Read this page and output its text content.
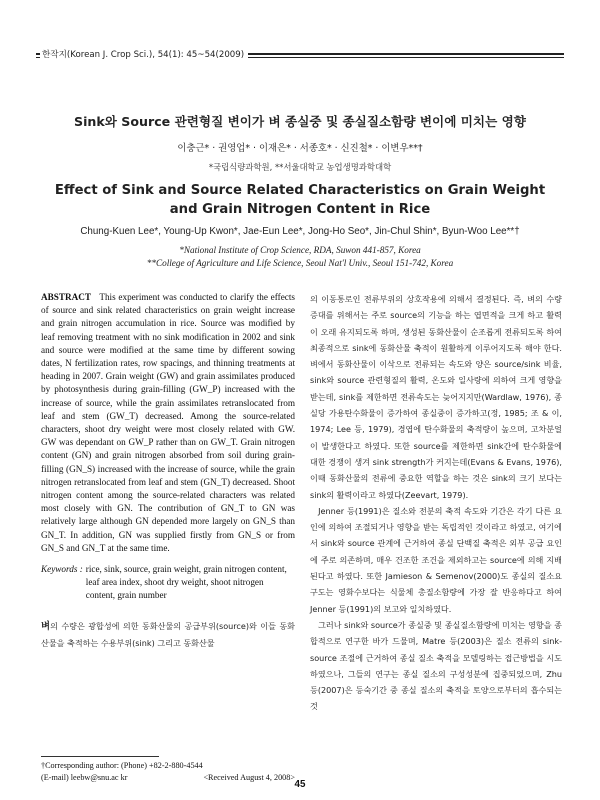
한작지(Korean J. Crop Sci.), 54(1): 45~54(2009)
Sink와 Source 관련형질 변이가 벼 종실중 및 종실질소함량 변이에 미치는 영향
이충근* · 권영업* · 이재은* · 서종호* · 신진철* · 이변우**†
*국립식량과학원, **서울대학교 농업생명과학대학
Effect of Sink and Source Related Characteristics on Grain Weight and Grain Nitrogen Content in Rice
Chung-Kuen Lee*, Young-Up Kwon*, Jae-Eun Lee*, Jong-Ho Seo*, Jin-Chul Shin*, Byun-Woo Lee**†
*National Institute of Crop Science, RDA, Suwon 441-857, Korea
**College of Agriculture and Life Science, Seoul Nat'l Univ., Seoul 151-742, Korea

ABSTRACT This experiment was conducted to clarify the effects of source and sink related characteristics on grain weight increase and grain nitrogen accumulation in rice. Source was modified by leaf removing treatment with no sink modification in 2002 and sink and source were modified at the same time by different sowing dates, N fertilization rates, row spacings, and thinning treatments at heading in 2007. Grain weight (GW) and grain assimilates produced by photosynthesis during grain-filling (GW_P) increased with the increase of source, while the grain assimilates retranslocated from leaf and stem (GW_T) decreased. Among the source-related characters, shoot dry weight were most closely related with GW. GW was dependant on GW_P rather than on GW_T. Grain nitrogen content (GN) and grain nitrogen absorbed from soil during grain-filling (GN_S) increased with the increase of source, while the grain nitrogen retranslocated from leaf and stem (GN_T) decreased. Shoot nitrogen content among the source-related characters was related most closely with GN. The contribution of GN_T to GN was relatively large although GN depended more largely on GN_S than GN_T. In addition, GN was supplied firstly from GN_S or from GN_S and GN_T at the same time.

Keywords : rice, sink, source, grain weight, grain nitrogen content, leaf area index, shoot dry weight, shoot nitrogen content, grain number

벼의 수량은 광합성에 의한 동화산물의 공급부위(source)와 이들 동화산물을 축적하는 수용부위(sink) 그리고 동화산물

의 이동통로인 전류부위의 상호작용에 의해서 결정된다. 즉, 벼의 수량증대를 위해서는 주로 source의 기능을 하는 엽면적을 크게 하고 활력이 오래 유지되도록 하며, 생성된 동화산물이 순조롭게 전류되도록 하여 최종적으로 sink에 동화산물 축적이 원활하게 이루어지도록 해야 한다. 벼에서 동화산물이 이삭으로 전류되는 속도와 양은 source/sink 비율, sink와 source 관련형질의 활력, 온도와 일사량에 의하여 크게 영향을 받는데, sink를 제한하면 전류속도는 늦어지지만(Wardlaw, 1976), 종실당 가용탄수화물이 증가하여 종실중이 증가하고(정, 1985; 조 & 이, 1974; Lee 등, 1979), 경엽에 탄수화물의 축적량이 높으며, 고차분얼이 발생한다고 하였다. 또한 source를 제한하면 sink간에 탄수화물에 대한 경쟁이 생겨 sink strength가 커지는데(Evans & Evans, 1976), 이때 동화산물의 전류에 중요한 역할을 하는 것은 sink의 크기 보다는 sink의 활력이라고 하였다(Zeevart, 1979).

Jenner 등(1991)은 질소와 전분의 축적 속도와 기간은 각기 다른 요인에 의하여 조절되거나 영향을 받는 독립적인 것이라고 하였고, 여기에서 sink와 source 관계에 근거하여 종실 단백질 축적은 외부 공급 요인에 주로 의존하며, 매우 건조한 조건을 제외하고는 source에 의해 지배된다고 하였다. 또한 Jamieson & Semenov(2000)도 종실의 질소요구도는 영화수보다는 식물체 총질소함량에 가장 잘 반응하다고 하여 Jenner 등(1991)의 보고와 일치하였다.

그러나 sink와 source가 종실중 및 종실질소함량에 미치는 영향을 종합적으로 연구한 바가 드물며, Matre 등(2003)은 질소 전류의 sink-source 조절에 근거하여 종실 질소 축적을 모델링하는 접근방법을 시도하였으나, 그들의 연구는 종실 질소의 구성성분에 집중되었으며, Zhu 등(2007)은 등숙기간 중 종실 질소의 축적을 토양으로부터의 흡수되는 것

†Corresponding author: (Phone) +82-2-880-4544
(E-mail) leebw@snu.ac kr	<Received August 4, 2008>
45
